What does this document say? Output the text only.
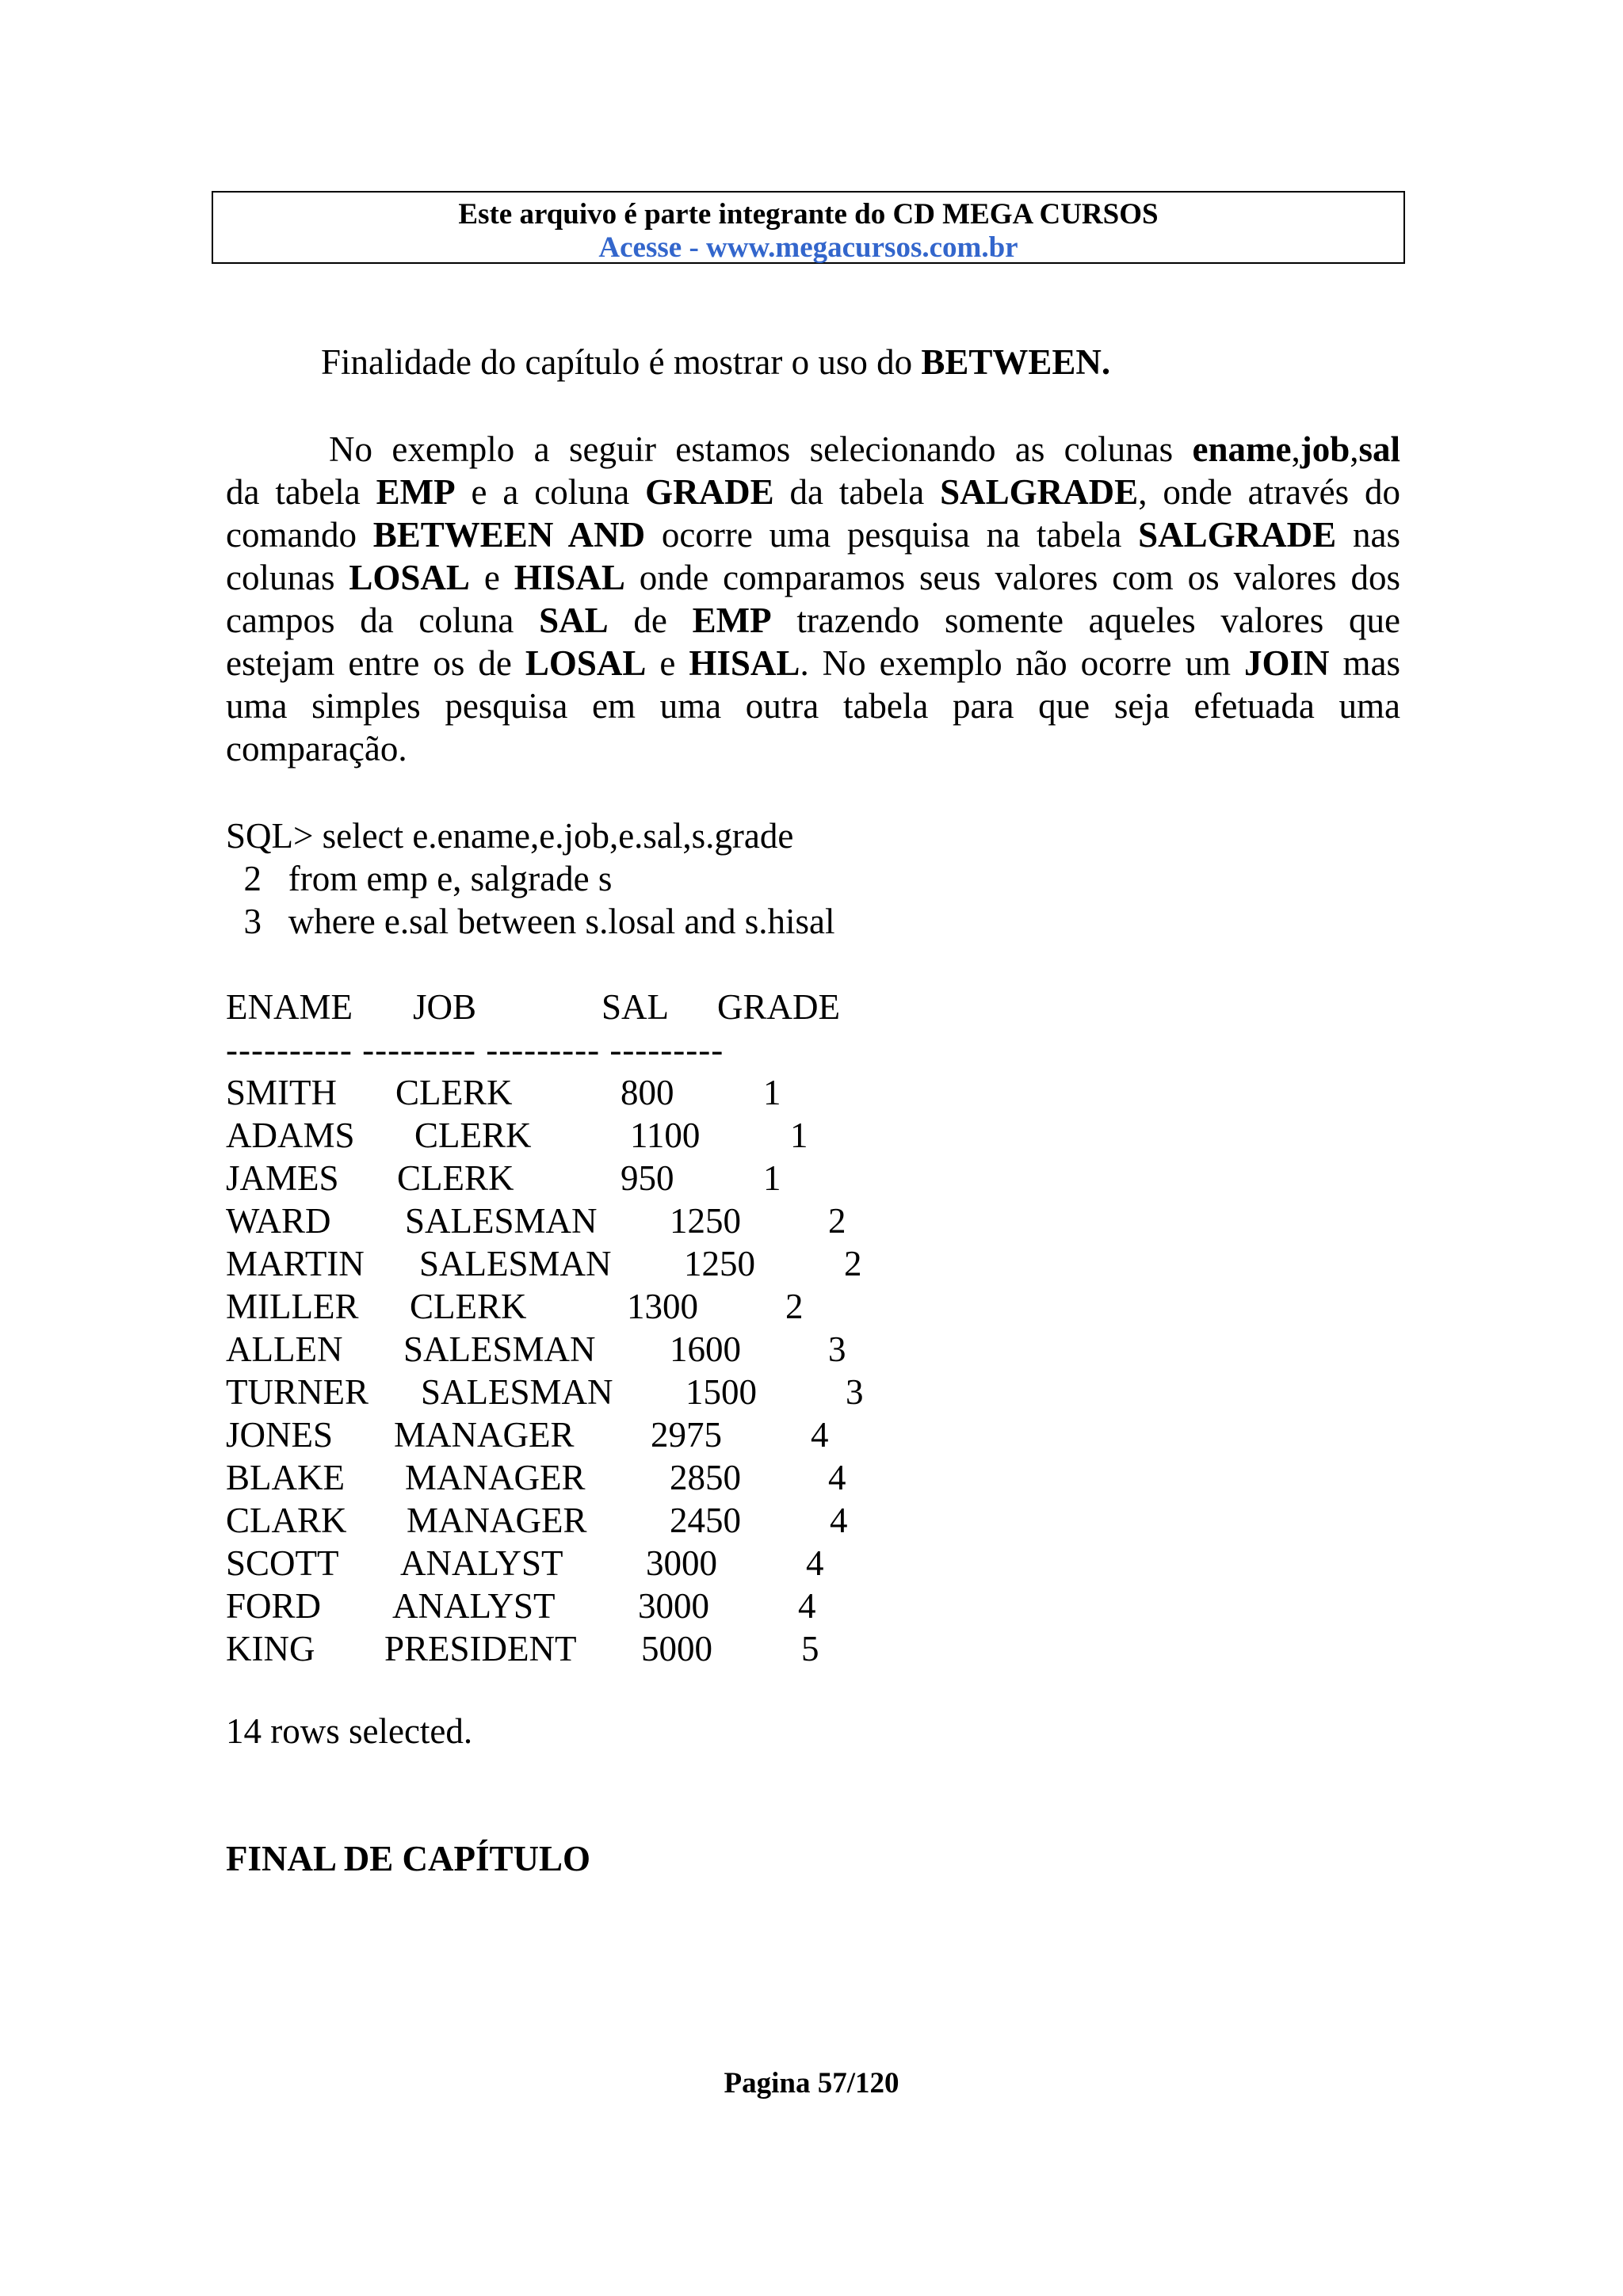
Este arquivo é parte integrante do CD MEGA CURSOS
Acesse - www.megacursos.com.br
Finalidade do capítulo é mostrar o uso do BETWEEN.
No exemplo a seguir estamos selecionando as colunas ename,job,sal
da tabela EMP e a coluna GRADE da tabela SALGRADE, onde através do
comando BETWEEN AND ocorre uma pesquisa na tabela SALGRADE nas
colunas LOSAL e HISAL onde comparamos seus valores com os valores dos
campos da coluna SAL de EMP trazendo somente aqueles valores que
estejam entre os de LOSAL e HISAL. No exemplo não ocorre um JOIN mas
uma simples pesquisa em uma outra tabela para que seja efetuada uma
comparação.
SQL> select e.ename,e.job,e.sal,s.grade
2   from emp e, salgrade s
3   where e.sal between s.losal and s.hisal
ENAME JOB	SAL GRADE
---------- --------- --------- ---------
SMITH CLERK	800	1
ADAMS CLERK	1100	1
JAMES CLERK	950	1
WARD SALESMAN 1250 2
MARTIN SALESMAN 1250 2
MILLER CLERK	1300 2
ALLEN SALESMAN 1600 3
TURNER SALESMAN 1500 3
JONES MANAGER 2975 4
BLAKE MANAGER 2850 4
CLARK MANAGER 2450 4
SCOTT ANALYST 3000 4
FORD ANALYST 3000 4
KING PRESIDENT 5000 5
14 rows selected.
FINAL DE CAPÍTULO
Pagina 57/120
